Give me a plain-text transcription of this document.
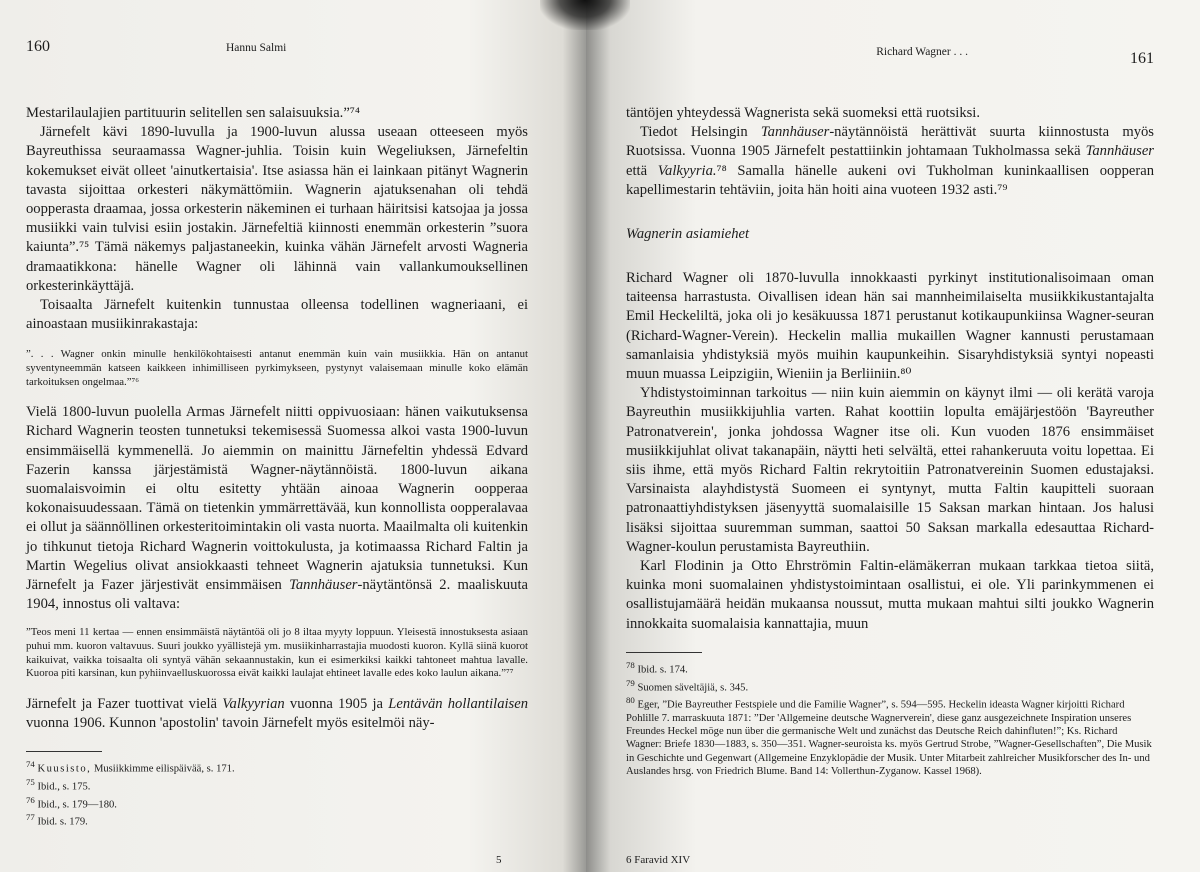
160	Hannu Salmi

Mestarilaulajien partituurin selitellen sen salaisuuksia.”⁷⁴

Järnefelt kävi 1890-luvulla ja 1900-luvun alussa useaan otteeseen myös Bayreuthissa seuraamassa Wagner-juhlia. Toisin kuin Wegeliuksen, Järnefeltin kokemukset eivät olleet 'ainutkertaisia'. Itse asiassa hän ei lainkaan pitänyt Wagnerin tavasta sijoittaa orkesteri näkymättömiin. Wagnerin ajatuksenahan oli tehdä oopperasta draamaa, jossa orkesterin näkeminen ei turhaan häiritsisi katsojaa ja jossa musiikki vain tulvisi esiin jostakin. Järnefeltiä kiinnosti enemmän orkesterin ”suora kaiunta”.⁷⁵ Tämä näkemys paljastaneekin, kuinka vähän Järnefelt arvosti Wagneria dramaatikkona: hänelle Wagner oli lähinnä vain vallankumouksellinen orkesterinkäyttäjä.

Toisaalta Järnefelt kuitenkin tunnustaa olleensa todellinen wagneriaani, ei ainoastaan musiikinrakastaja:

”. . . Wagner onkin minulle henkilökohtaisesti antanut enemmän kuin vain musiikkia. Hän on antanut syventyneemmän katseen kaikkeen inhimilliseen pyrkimykseen, pystynyt valaisemaan minulle koko elämän tarkoituksen ongelmaa.”⁷⁶

Vielä 1800-luvun puolella Armas Järnefelt niitti oppivuosiaan: hänen vaikutuksensa Richard Wagnerin teosten tunnetuksi tekemisessä Suomessa alkoi vasta 1900-luvun ensimmäisellä kymmenellä. Jo aiemmin on mainittu Järnefeltin yhdessä Edvard Fazerin kanssa järjestämistä Wagner-näytännöistä. 1800-luvun aikana suomalaisvoimin ei oltu esitetty yhtään ainoaa Wagnerin oopperaa kokonaisuudessaan. Tämä on tietenkin ymmärrettävää, kun konnollista oopperalavaa ei ollut ja säännöllinen orkesteritoimintakin oli vasta nuorta. Maailmalta oli kuitenkin jo tihkunut tietoja Richard Wagnerin voittokulusta, ja kotimaassa Richard Faltin ja Martin Wegelius olivat ansiokkaasti tehneet Wagnerin ajatuksia tunnetuksi. Kun Järnefelt ja Fazer järjestivät ensimmäisen Tannhäuser-näytäntönsä 2. maaliskuuta 1904, innostus oli valtava:

”Teos meni 11 kertaa — ennen ensimmäistä näytäntöä oli jo 8 iltaa myyty loppuun. Yleisestä innostuksesta asiaan puhui mm. kuoron valtavuus. Suuri joukko yyällistejä ym. musiikinharrastajia muodosti kuoron. Kyllä siinä kuorot kaikuivat, vaikka toisaalta oli syntyä vähän sekaannustakin, kun ei esimerkiksi kaikki tahtoneet mahtua lavalle. Kuoroa piti karsinan, kun pyhiinvaelluskuorossa eivät kaikki laulajat ehtineet lavalle edes koko laulun aikana.”⁷⁷

Järnefelt ja Fazer tuottivat vielä Valkyyrian vuonna 1905 ja Lentävän hollantilaisen vuonna 1906. Kunnon 'apostolin' tavoin Järnefelt myös esitelmöi näy-

$^{74}$ Kuusisto, Musiikkimme eilispäivää, s. 171.
$^{75}$ Ibid., s. 175.
$^{76}$ Ibid., s. 179—180.
$^{77}$ Ibid. s. 179.
5
Richard Wagner . . .	161

täntöjen yhteydessä Wagnerista sekä suomeksi että ruotsiksi.

Tiedot Helsingin Tannhäuser-näytännöistä herättivät suurta kiinnostusta myös Ruotsissa. Vuonna 1905 Järnefelt pestattiinkin johtamaan Tukholmassa sekä Tannhäuser että Valkyyria.⁷⁸ Samalla hänelle aukeni ovi Tukholman kuninkaallisen oopperan kapellimestarin tehtäviin, joita hän hoiti aina vuoteen 1932 asti.⁷⁹

Wagnerin asiamiehet

Richard Wagner oli 1870-luvulla innokkaasti pyrkinyt institutionalisoimaan oman taiteensa harrastusta. Oivallisen idean hän sai mannheimilaiselta musiikkikustantajalta Emil Heckeliltä, joka oli jo kesäkuussa 1871 perustanut kotikaupunkiinsa Wagner-seuran (Richard-Wagner-Verein). Heckelin mallia mukaillen Wagner kannusti perustamaan samanlaisia yhdistyksiä myös muihin kaupunkeihin. Sisaryhdistyksiä syntyi nopeasti muun muassa Leipzigiin, Wieniin ja Berliiniin.⁸⁰

Yhdistystoiminnan tarkoitus — niin kuin aiemmin on käynyt ilmi — oli kerätä varoja Bayreuthin musiikkijuhlia varten. Rahat koottiin lopulta emäjärjestöön 'Bayreuther Patronatverein', jonka johdossa Wagner itse oli. Kun vuoden 1876 ensimmäiset musiikkijuhlat olivat takanapäin, näytti heti selvältä, ettei rahankeruuta voitu lopettaa. Ei siis ihme, että myös Richard Faltin rekrytoitiin Patronatvereinin Suomen edustajaksi. Varsinaista alayhdistystä Suomeen ei syntynyt, mutta Faltin kaupitteli suoraan patronaattiyhdistyksen jäsenyyttä suomalaisille 15 Saksan markan hintaan. Jos halusi lisäksi sijoittaa suuremman summan, saattoi 50 Saksan markalla edesauttaa Richard-Wagner-koulun perustamista Bayreuthiin.

Karl Flodinin ja Otto Ehrströmin Faltin-elämäkerran mukaan tarkkaa tietoa siitä, kuinka moni suomalainen yhdistystoimintaan osallistui, ei ole. Yli parinkymmenen ei osallistujamäärä heidän mukaansa noussut, mutta mukaan mahtui silti joukko Wagnerin innokkaita suomalaisia kannattajia, muun

$^{78}$ Ibid. s. 174.
$^{79}$ Suomen säveltäjiä, s. 345.
$^{80}$ Eger, ”Die Bayreuther Festspiele und die Familie Wagner”, s. 594—595. Heckelin ideasta Wagner kirjoitti Richard Pohlille 7. marraskuuta 1871: ”Der 'Allgemeine deutsche Wagnerverein', diese ganz ausgezeichnete Inspiration unseres Freundes Heckel möge nun über die germanische Welt und zunächst das Deutsche Reich dahinfluten!”; Ks. Richard Wagner: Briefe 1830—1883, s. 350—351. Wagner-seuroista ks. myös Gertrud Strobe, ”Wagner-Gesellschaften”, Die Musik in Geschichte und Gegenwart (Allgemeine Enzyklopädie der Musik. Unter Mitarbeit zahlreicher Musikforscher des In- und Auslandes hrsg. von Friedrich Blume. Band 14: Vollerthun-Zyganow. Kassel 1968).
6 Faravid XIV
